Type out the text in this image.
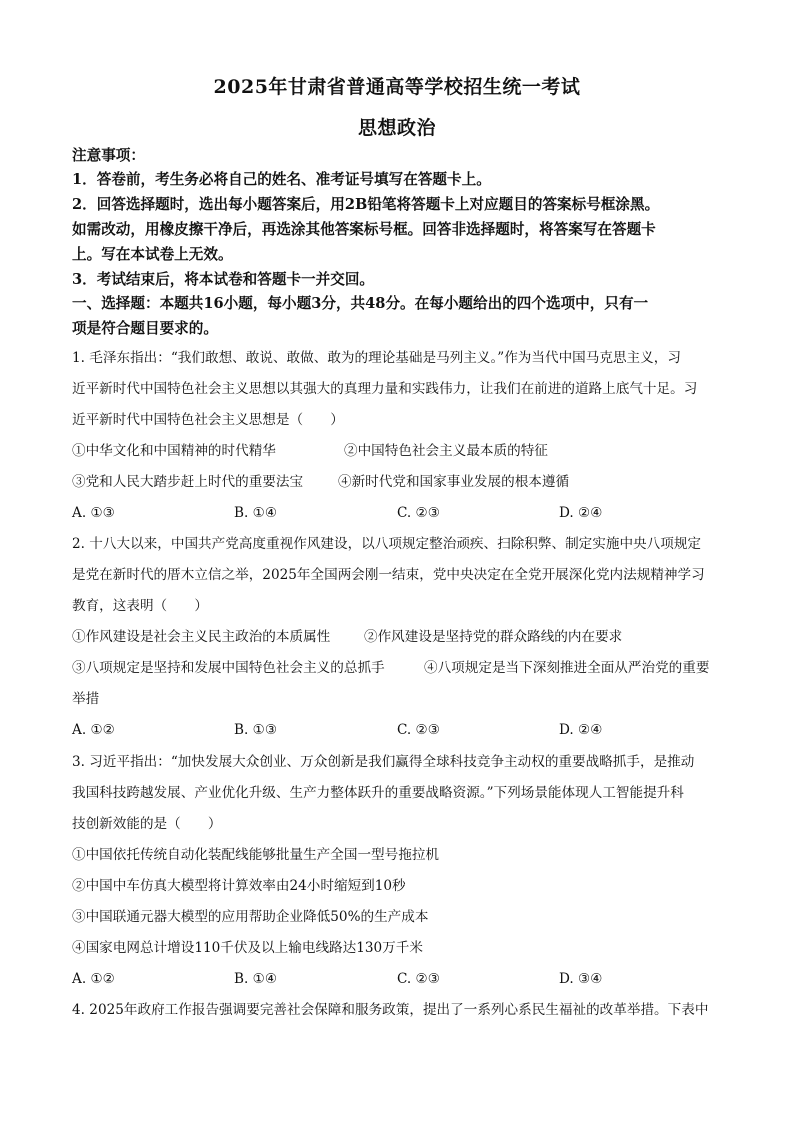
2025年甘肃省普通高等学校招生统一考试
思想政治
注意事项：
1．答卷前，考生务必将自己的姓名、准考证号填写在答题卡上。
2．回答选择题时，选出每小题答案后，用2B铅笔将答题卡上对应题目的答案标号框涂黑。
如需改动，用橡皮擦干净后，再选涂其他答案标号框。回答非选择题时，将答案写在答题卡
上。写在本试卷上无效。
3．考试结束后，将本试卷和答题卡一并交回。
一、选择题：本题共16小题，每小题3分，共48分。在每小题给出的四个选项中，只有一
项是符合题目要求的。
1. 毛泽东指出：“我们敢想、敢说、敢做、敢为的理论基础是马列主义。”作为当代中国马克思主义，习
近平新时代中国特色社会主义思想以其强大的真理力量和实践伟力，让我们在前进的道路上底气十足。习
近平新时代中国特色社会主义思想是（　　）
①中华文化和中国精神的时代精华	②中国特色社会主义最本质的特征
③党和人民大踏步赶上时代的重要法宝	④新时代党和国家事业发展的根本遵循
A. ①③	B. ①④	C. ②③	D. ②④
2. 十八大以来，中国共产党高度重视作风建设，以八项规定整治顽疾、扫除积弊、制定实施中央八项规定
是党在新时代的厝木立信之举，2025年全国两会刚一结束，党中央决定在全党开展深化党内法规精神学习
教育，这表明（　　）
①作风建设是社会主义民主政治的本质属性 ②作风建设是坚持党的群众路线的内在要求
③八项规定是坚持和发展中国特色社会主义的总抓手	④八项规定是当下深刻推进全面从严治党的重要
举措
A. ①②	B. ①③	C. ②③	D. ②④
3. 习近平指出：“加快发展大众创业、万众创新是我们赢得全球科技竞争主动权的重要战略抓手，是推动
我国科技跨越发展、产业优化升级、生产力整体跃升的重要战略资源。”下列场景能体现人工智能提升科
技创新效能的是（　　）
①中国依托传统自动化装配线能够批量生产全国一型号拖拉机
②中国中车仿真大模型将计算效率由24小时缩短到10秒
③中国联通元器大模型的应用帮助企业降低50%的生产成本
④国家电网总计增设110千伏及以上输电线路达130万千米
A. ①②	B. ①④	C. ②③	D. ③④
4. 2025年政府工作报告强调要完善社会保障和服务政策，提出了一系列心系民生福祉的改革举措。下表中
